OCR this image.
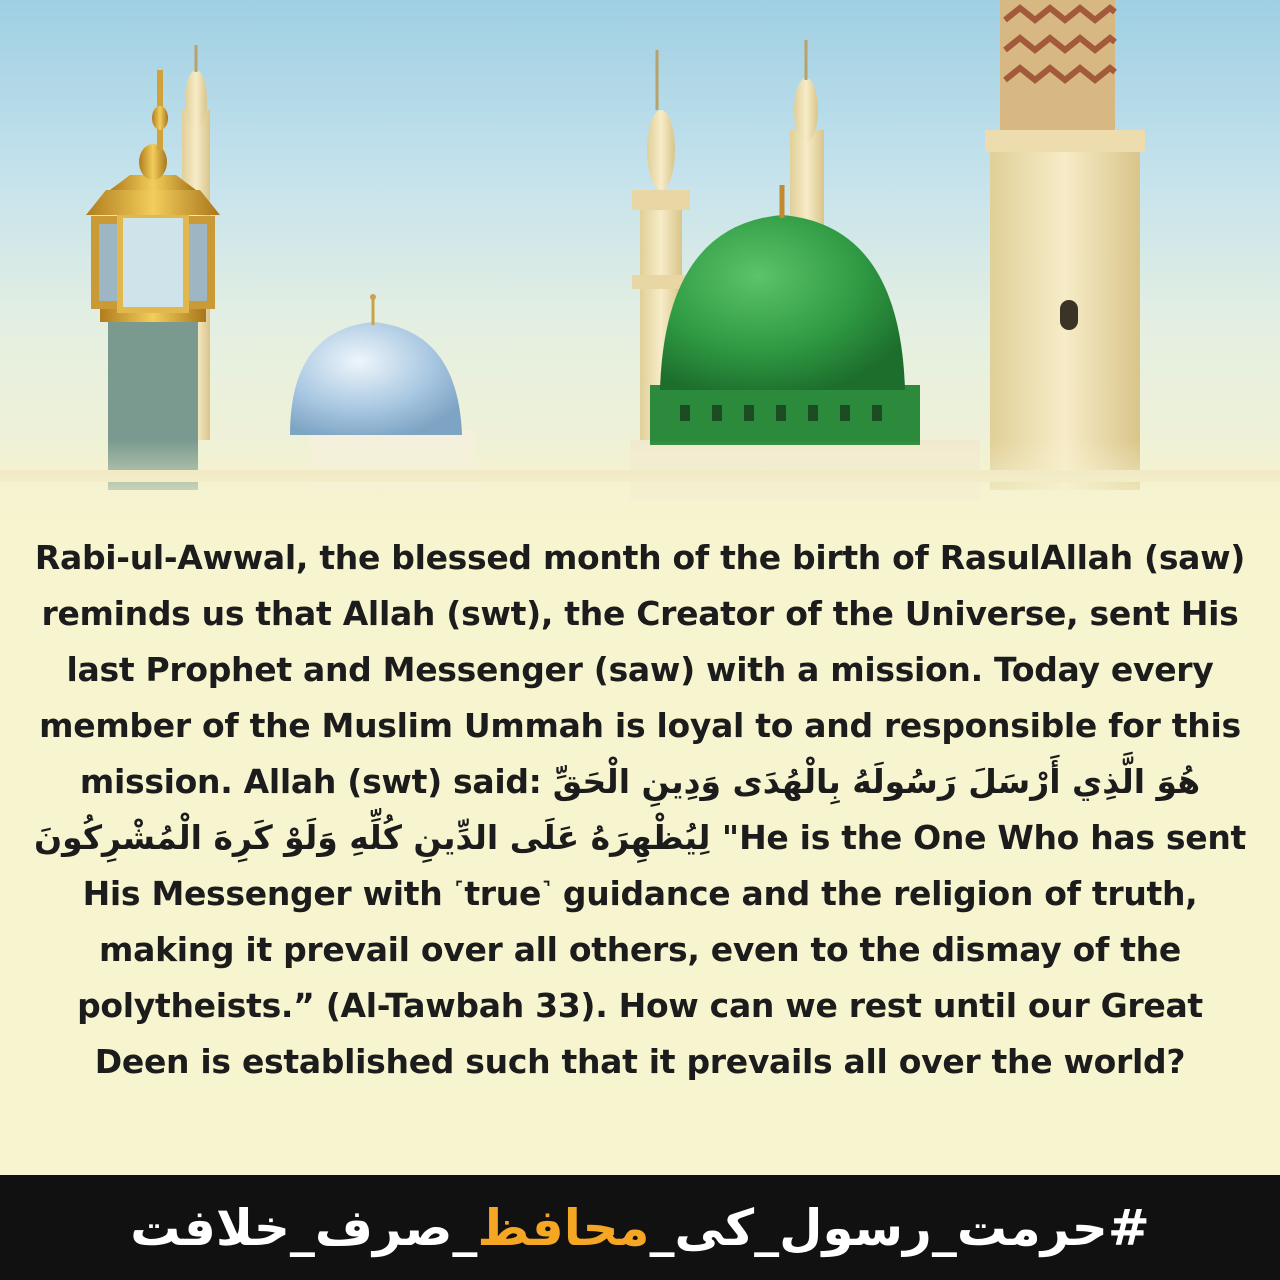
Rabi-ul-Awwal, the blessed month of the birth of RasulAllah (saw) reminds us that Allah (swt), the Creator of the Universe, sent His last Prophet and Messenger (saw) with a mission. Today every member of the Muslim Ummah is loyal to and responsible for this mission. Allah (swt) said: هُوَ الَّذِي أَرْسَلَ رَسُولَهُ بِالْهُدَى وَدِينِ الْحَقِّ لِيُظْهِرَهُ عَلَى الدِّينِ كُلِّهِ وَلَوْ كَرِهَ الْمُشْرِكُونَ "He is the One Who has sent His Messenger with ˹true˺ guidance and the religion of truth, making it prevail over all others, even to the dismay of the polytheists.” (Al-Tawbah 33). How can we rest until our Great Deen is established such that it prevails all over the world?

#حرمت_رسول_کی_محافظ_صرف_خلافت
